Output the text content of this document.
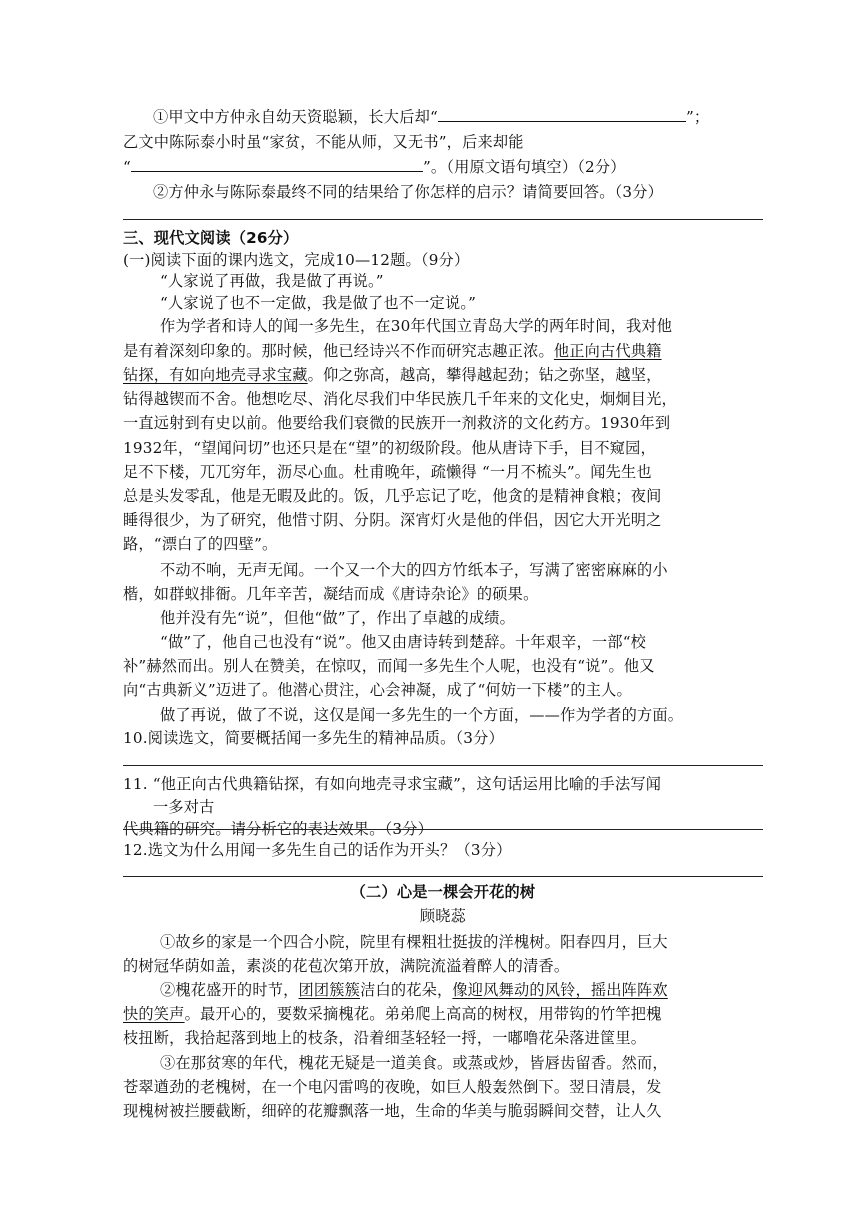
①甲文中方仲永自幼天资聪颖，长大后却“	”；
乙文中陈际泰小时虽“家贫，不能从师，又无书”，后来却能
“	”。（用原文语句填空）（2分）
②方仲永与陈际泰最终不同的结果给了你怎样的启示？请简要回答。（3分）
三、现代文阅读（26分）
(一)阅读下面的课内选文，完成10—12题。（9分）
“人家说了再做，我是做了再说。”
“人家说了也不一定做，我是做了也不一定说。”
作为学者和诗人的闻一多先生，在30年代国立青岛大学的两年时间，我对他
是有着深刻印象的。那时候，他已经诗兴不作而研究志趣正浓。他正向古代典籍
钻探，有如向地壳寻求宝藏。仰之弥高，越高，攀得越起劲；钻之弥坚，越坚，
钻得越锲而不舍。他想吃尽、消化尽我们中华民族几千年来的文化史，炯炯目光，
一直远射到有史以前。他要给我们衰微的民族开一剂救济的文化药方。1930年到
1932年，“望闻问切”也还只是在“望”的初级阶段。他从唐诗下手，目不窥园，
足不下楼，兀兀穷年，沥尽心血。杜甫晚年，疏懒得 “一月不梳头”。闻先生也
总是头发零乱，他是无暇及此的。饭，几乎忘记了吃，他贪的是精神食粮；夜间
睡得很少，为了研究，他惜寸阴、分阴。深宵灯火是他的伴侣，因它大开光明之
路，“漂白了的四壁”。
不动不响，无声无闻。一个又一个大的四方竹纸本子，写满了密密麻麻的小
楷，如群蚁排衙。几年辛苦，凝结而成《唐诗杂论》的硕果。
他并没有先“说”，但他“做”了，作出了卓越的成绩。
“做”了，他自己也没有“说”。他又由唐诗转到楚辞。十年艰辛，一部“校
补”赫然而出。别人在赞美，在惊叹，而闻一多先生个人呢，也没有“说”。他又
向“古典新义”迈进了。他潜心贯注，心会神凝，成了“何妨一下楼”的主人。
做了再说，做了不说，这仅是闻一多先生的一个方面，——作为学者的方面。
10.阅读选文，简要概括闻一多先生的精神品质。（3分）
11. “他正向古代典籍钻探，有如向地壳寻求宝藏”，这句话运用比喻的手法写闻
一多对古
代典籍的研究。请分析它的表达效果。（3分）
12.选文为什么用闻一多先生自己的话作为开头？（3分）
（二）心是一棵会开花的树
顾晓蕊
①故乡的家是一个四合小院，院里有棵粗壮挺拔的洋槐树。阳春四月，巨大
的树冠华荫如盖，素淡的花苞次第开放，满院流溢着醉人的清香。
②槐花盛开的时节，团团簇簇洁白的花朵，像迎风舞动的风铃，摇出阵阵欢
快的笑声。最开心的，要数采摘槐花。弟弟爬上高高的树杈，用带钩的竹竿把槐
枝扭断，我拾起落到地上的枝条，沿着细茎轻轻一捋，一嘟噜花朵落进筐里。
③在那贫寒的年代，槐花无疑是一道美食。或蒸或炒，皆唇齿留香。然而，
苍翠遒劲的老槐树，在一个电闪雷鸣的夜晚，如巨人般轰然倒下。翌日清晨，发
现槐树被拦腰截断，细碎的花瓣飘落一地，生命的华美与脆弱瞬间交替，让人久
